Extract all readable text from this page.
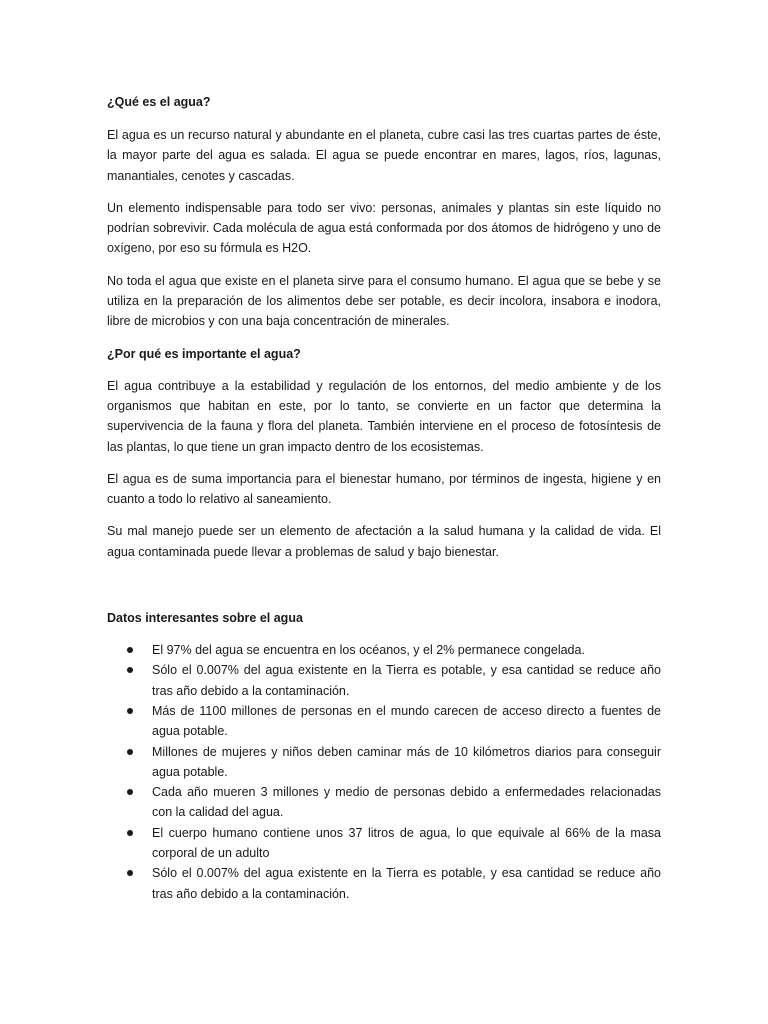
¿Qué es el agua?

El agua es un recurso natural y abundante en el planeta, cubre casi las tres cuartas partes de éste, la mayor parte del agua es salada. El agua se puede encontrar en mares, lagos, ríos, lagunas, manantiales, cenotes y cascadas.

Un elemento indispensable para todo ser vivo: personas, animales y plantas sin este líquido no podrían sobrevivir. Cada molécula de agua está conformada por dos átomos de hidrógeno y uno de oxígeno, por eso su fórmula es H2O.

No toda el agua que existe en el planeta sirve para el consumo humano. El agua que se bebe y se utiliza en la preparación de los alimentos debe ser potable, es decir incolora, insabora e inodora, libre de microbios y con una baja concentración de minerales.

¿Por qué es importante el agua?

El agua contribuye a la estabilidad y regulación de los entornos, del medio ambiente y de los organismos que habitan en este, por lo tanto, se convierte en un factor que determina la supervivencia de la fauna y flora del planeta. También interviene en el proceso de fotosíntesis de las plantas, lo que tiene un gran impacto dentro de los ecosistemas.

El agua es de suma importancia para el bienestar humano, por términos de ingesta, higiene y en cuanto a todo lo relativo al saneamiento.

Su mal manejo puede ser un elemento de afectación a la salud humana y la calidad de vida. El agua contaminada puede llevar a problemas de salud y bajo bienestar.

Datos interesantes sobre el agua
El 97% del agua se encuentra en los océanos, y el 2% permanece congelada.
Sólo el 0.007% del agua existente en la Tierra es potable, y esa cantidad se reduce año tras año debido a la contaminación.
Más de 1100 millones de personas en el mundo carecen de acceso directo a fuentes de agua potable.
Millones de mujeres y niños deben caminar más de 10 kilómetros diarios para conseguir agua potable.
Cada año mueren 3 millones y medio de personas debido a enfermedades relacionadas con la calidad del agua.
El cuerpo humano contiene unos 37 litros de agua, lo que equivale al 66% de la masa corporal de un adulto
Sólo el 0.007% del agua existente en la Tierra es potable, y esa cantidad se reduce año tras año debido a la contaminación.
